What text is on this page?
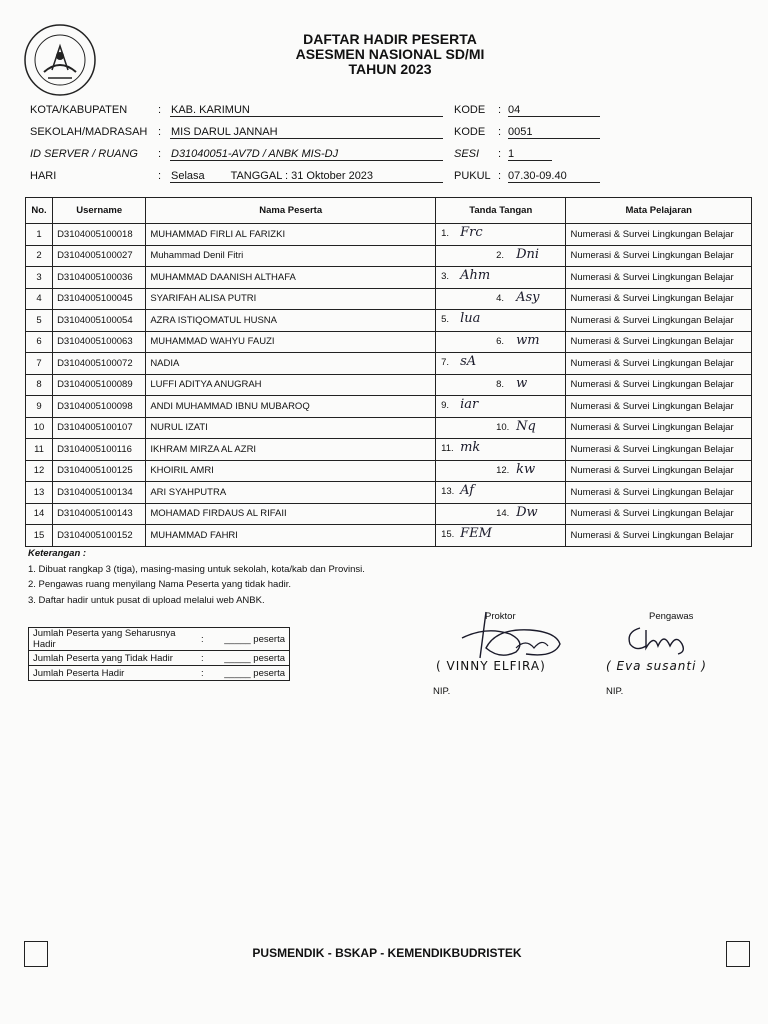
DAFTAR HADIR PESERTA
ASESMEN NASIONAL SD/MI
TAHUN 2023
KOTA/KABUPATEN	: KAB. KARIMUN	KODE : 04
SEKOLAH/MADRASAH : MIS DARUL JANNAH	KODE : 0051
ID SERVER / RUANG : D31040051-AV7D / ANBK MIS-DJ	SESI : 1
HARI	: Selasa TANGGAL : 31 Oktober 2023	PUKUL : 07.30-09.40
No.	Username	Nama Peserta	Tanda Tangan	Mata Pelajaran
1	D3104005100018	MUHAMMAD FIRLI AL FARIZKI	1. Frc	Numerasi & Survei Lingkungan Belajar
2	D3104005100027	Muhammad Denil Fitri	2. Dni	Numerasi & Survei Lingkungan Belajar
3	D3104005100036	MUHAMMAD DAANISH ALTHAFA	3. Ahm	Numerasi & Survei Lingkungan Belajar
4	D3104005100045	SYARIFAH ALISA PUTRI	4. Asy	Numerasi & Survei Lingkungan Belajar
5	D3104005100054	AZRA ISTIQOMATUL HUSNA	5. lua	Numerasi & Survei Lingkungan Belajar
6	D3104005100063	MUHAMMAD WAHYU FAUZI	6. wm	Numerasi & Survei Lingkungan Belajar
7	D3104005100072	NADIA	7. sA	Numerasi & Survei Lingkungan Belajar
8	D3104005100089	LUFFI ADITYA ANUGRAH	8. w	Numerasi & Survei Lingkungan Belajar
9	D3104005100098	ANDI MUHAMMAD IBNU MUBAROQ	9. iar	Numerasi & Survei Lingkungan Belajar
10	D3104005100107	NURUL IZATI	10. Nq	Numerasi & Survei Lingkungan Belajar
11	D3104005100116	IKHRAM MIRZA AL AZRI	11. mk	Numerasi & Survei Lingkungan Belajar
12	D3104005100125	KHOIRIL AMRI	12. kw	Numerasi & Survei Lingkungan Belajar
13	D3104005100134	ARI SYAHPUTRA	13. Af	Numerasi & Survei Lingkungan Belajar
14	D3104005100143	MOHAMAD FIRDAUS AL RIFAII	14. Dw	Numerasi & Survei Lingkungan Belajar
15	D3104005100152	MUHAMMAD FAHRI	15. FEM	Numerasi & Survei Lingkungan Belajar
Keterangan :
1. Dibuat rangkap 3 (tiga), masing-masing untuk sekolah, kota/kab dan Provinsi.
2. Pengawas ruang menyilang Nama Peserta yang tidak hadir.
3. Daftar hadir untuk pusat di upload melalui web ANBK.
Jumlah Peserta yang Seharusnya Hadir	:	_____ peserta
Jumlah Peserta yang Tidak Hadir	:	_____ peserta
Jumlah Peserta Hadir	:	_____ peserta
Proktor
( VINNY ELFIRA)
NIP.
Pengawas
( Eva susanti )
NIP.
PUSMENDIK - BSKAP - KEMENDIKBUDRISTEK
